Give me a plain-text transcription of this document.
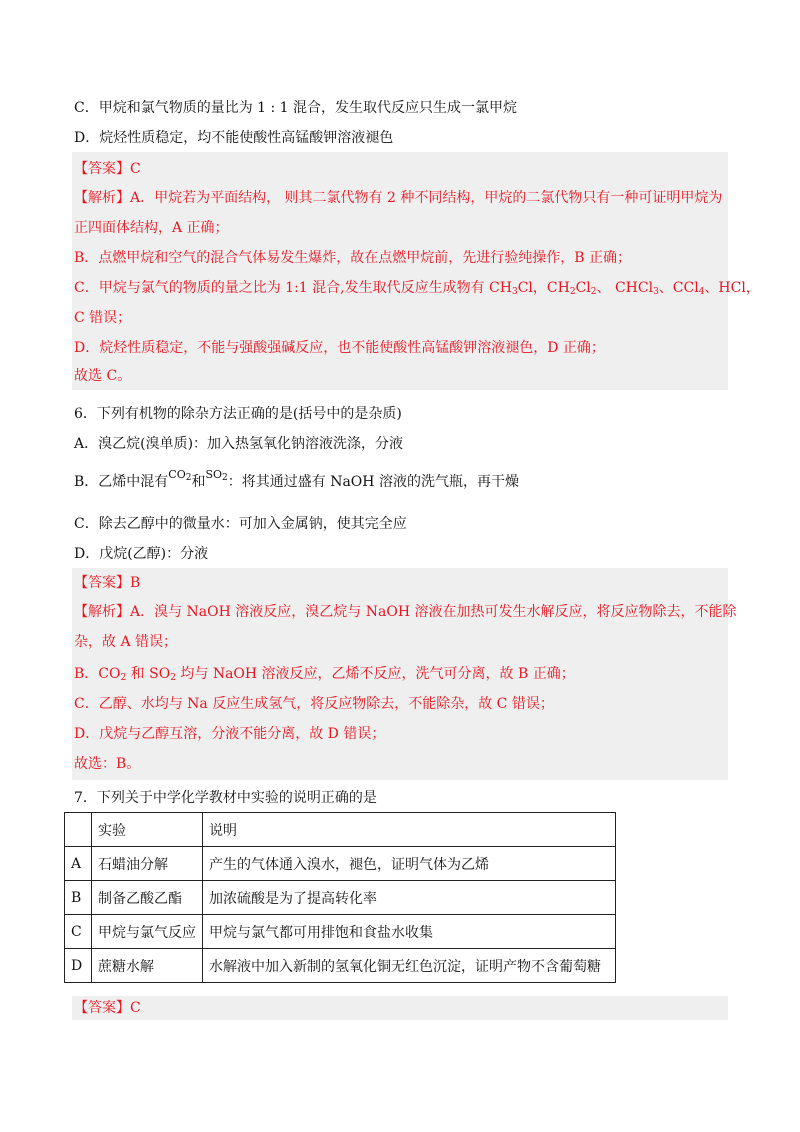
C．甲烷和氯气物质的量比为 1 : 1 混合，发生取代反应只生成一氯甲烷
D．烷烃性质稳定，均不能使酸性高锰酸钾溶液褪色
【答案】C
【解析】A．甲烷若为平面结构， 则其二氯代物有 2 种不同结构，甲烷的二氯代物只有一种可证明甲烷为
正四面体结构，A 正确；
B．点燃甲烷和空气的混合气体易发生爆炸，故在点燃甲烷前，先进行验纯操作，B 正确；
C．甲烷与氯气的物质的量之比为 1:1 混合,发生取代反应生成物有 $CH_3Cl$，$CH_2Cl_2$、 CHCl$_3$、CCl$_4$、HCl，
C 错误；
D．烷烃性质稳定，不能与强酸强碱反应，也不能使酸性高锰酸钾溶液褪色，D 正确；
故选 C。
6．下列有机物的除杂方法正确的是(括号中的是杂质)
A．溴乙烷(溴单质)：加入热氢氧化钠溶液洗涤，分液
B．乙烯中混有$^{CO_2}$和$^{SO_2}$：将其通过盛有 NaOH 溶液的洗气瓶，再干燥
C．除去乙醇中的微量水：可加入金属钠，使其完全应
D．戊烷(乙醇)：分液
【答案】B
【解析】A．溴与 NaOH 溶液反应，溴乙烷与 NaOH 溶液在加热可发生水解反应，将反应物除去，不能除
杂，故 A 错误；
B．$CO_2$ 和 $SO_2$ 均与 NaOH 溶液反应，乙烯不反应，洗气可分离，故 B 正确；
C．乙醇、水均与 Na 反应生成氢气，将反应物除去，不能除杂，故 C 错误；
D．戊烷与乙醇互溶，分液不能分离，故 D 错误；
故选：B。
7．下列关于中学化学教材中实验的说明正确的是
	实验	说明
A	石蜡油分解	产生的气体通入溴水，褪色，证明气体为乙烯
B	制备乙酸乙酯	加浓硫酸是为了提高转化率
C	甲烷与氯气反应	甲烷与氯气都可用排饱和食盐水收集
D	蔗糖水解	水解液中加入新制的氢氧化铜无红色沉淀，证明产物不含葡萄糖
【答案】C
